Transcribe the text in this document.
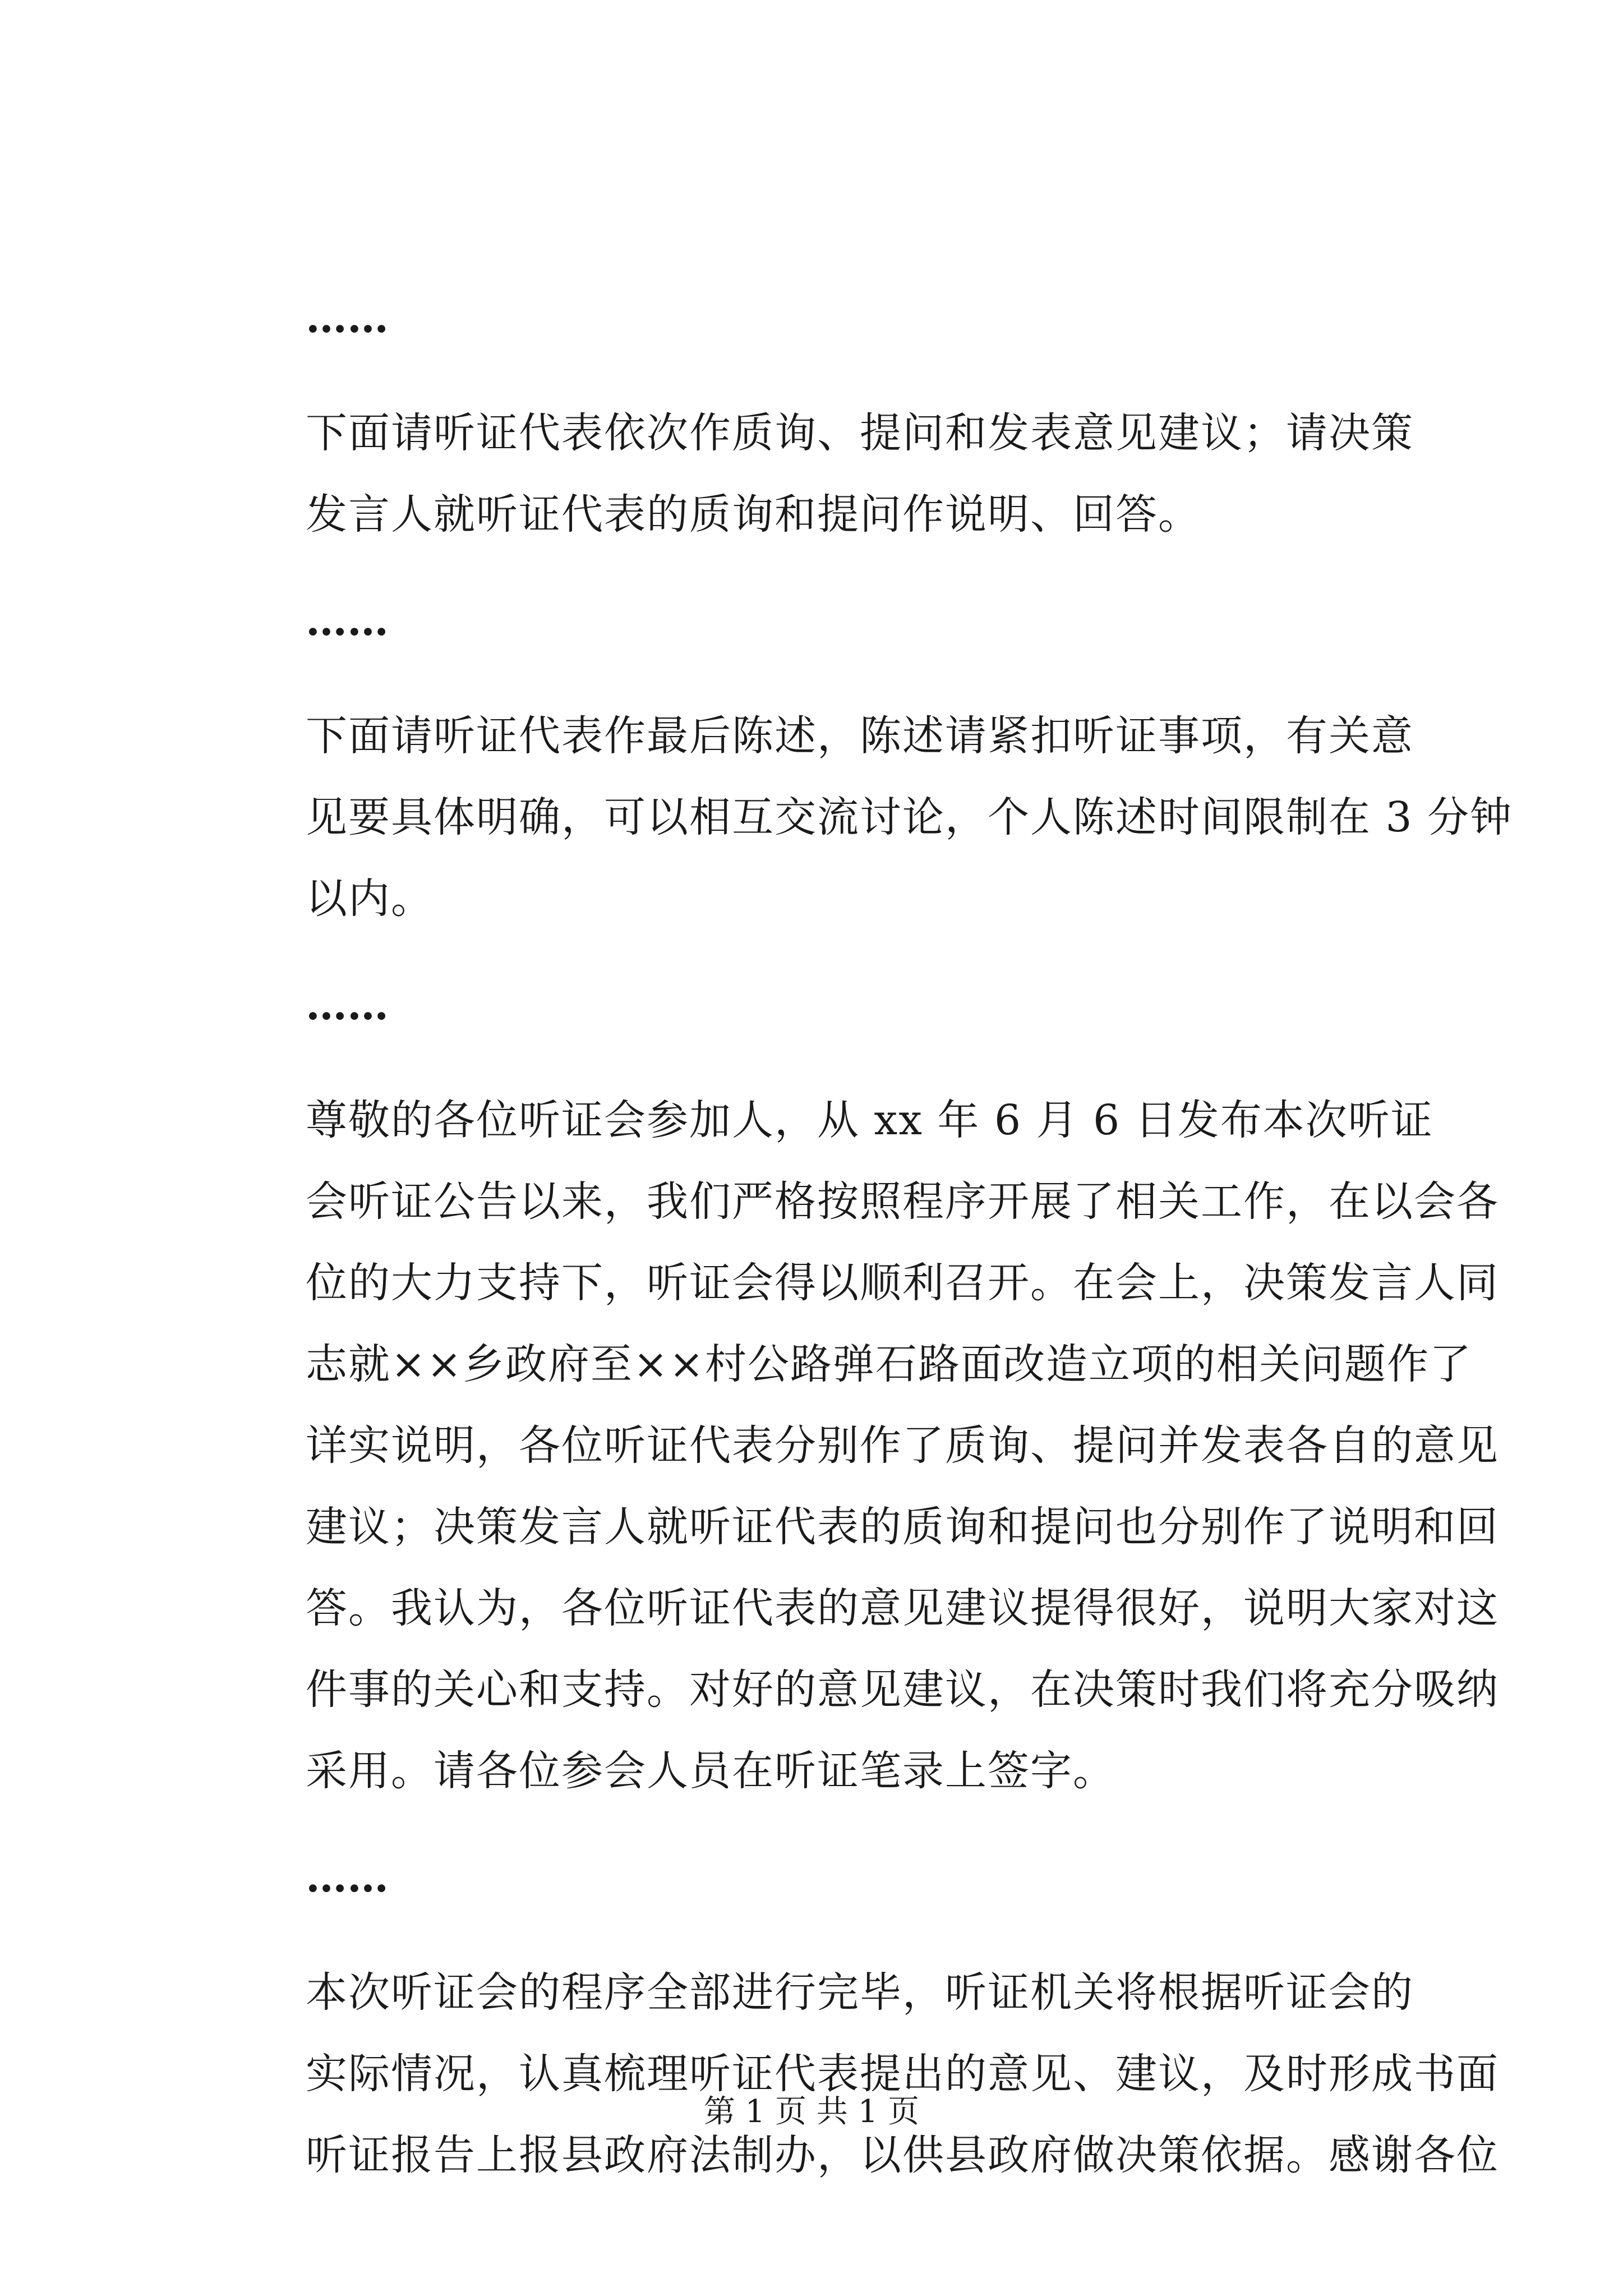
……
下面请听证代表依次作质询、提问和发表意见建议；请决策
发言人就听证代表的质询和提问作说明、回答。
……
下面请听证代表作最后陈述，陈述请紧扣听证事项，有关意
见要具体明确，可以相互交流讨论，个人陈述时间限制在 3 分钟
以内。
……
尊敬的各位听证会参加人，从 xx 年 6 月 6 日发布本次听证
会听证公告以来，我们严格按照程序开展了相关工作，在以会各
位的大力支持下，听证会得以顺利召开。在会上，决策发言人同
志就××乡政府至××村公路弹石路面改造立项的相关问题作了
详实说明，各位听证代表分别作了质询、提问并发表各自的意见
建议；决策发言人就听证代表的质询和提问也分别作了说明和回
答。我认为，各位听证代表的意见建议提得很好，说明大家对这
件事的关心和支持。对好的意见建议，在决策时我们将充分吸纳
采用。请各位参会人员在听证笔录上签字。
……
本次听证会的程序全部进行完毕，听证机关将根据听证会的
实际情况，认真梳理听证代表提出的意见、建议，及时形成书面
听证报告上报县政府法制办，以供县政府做决策依据。感谢各位
第 1 页 共 1 页
